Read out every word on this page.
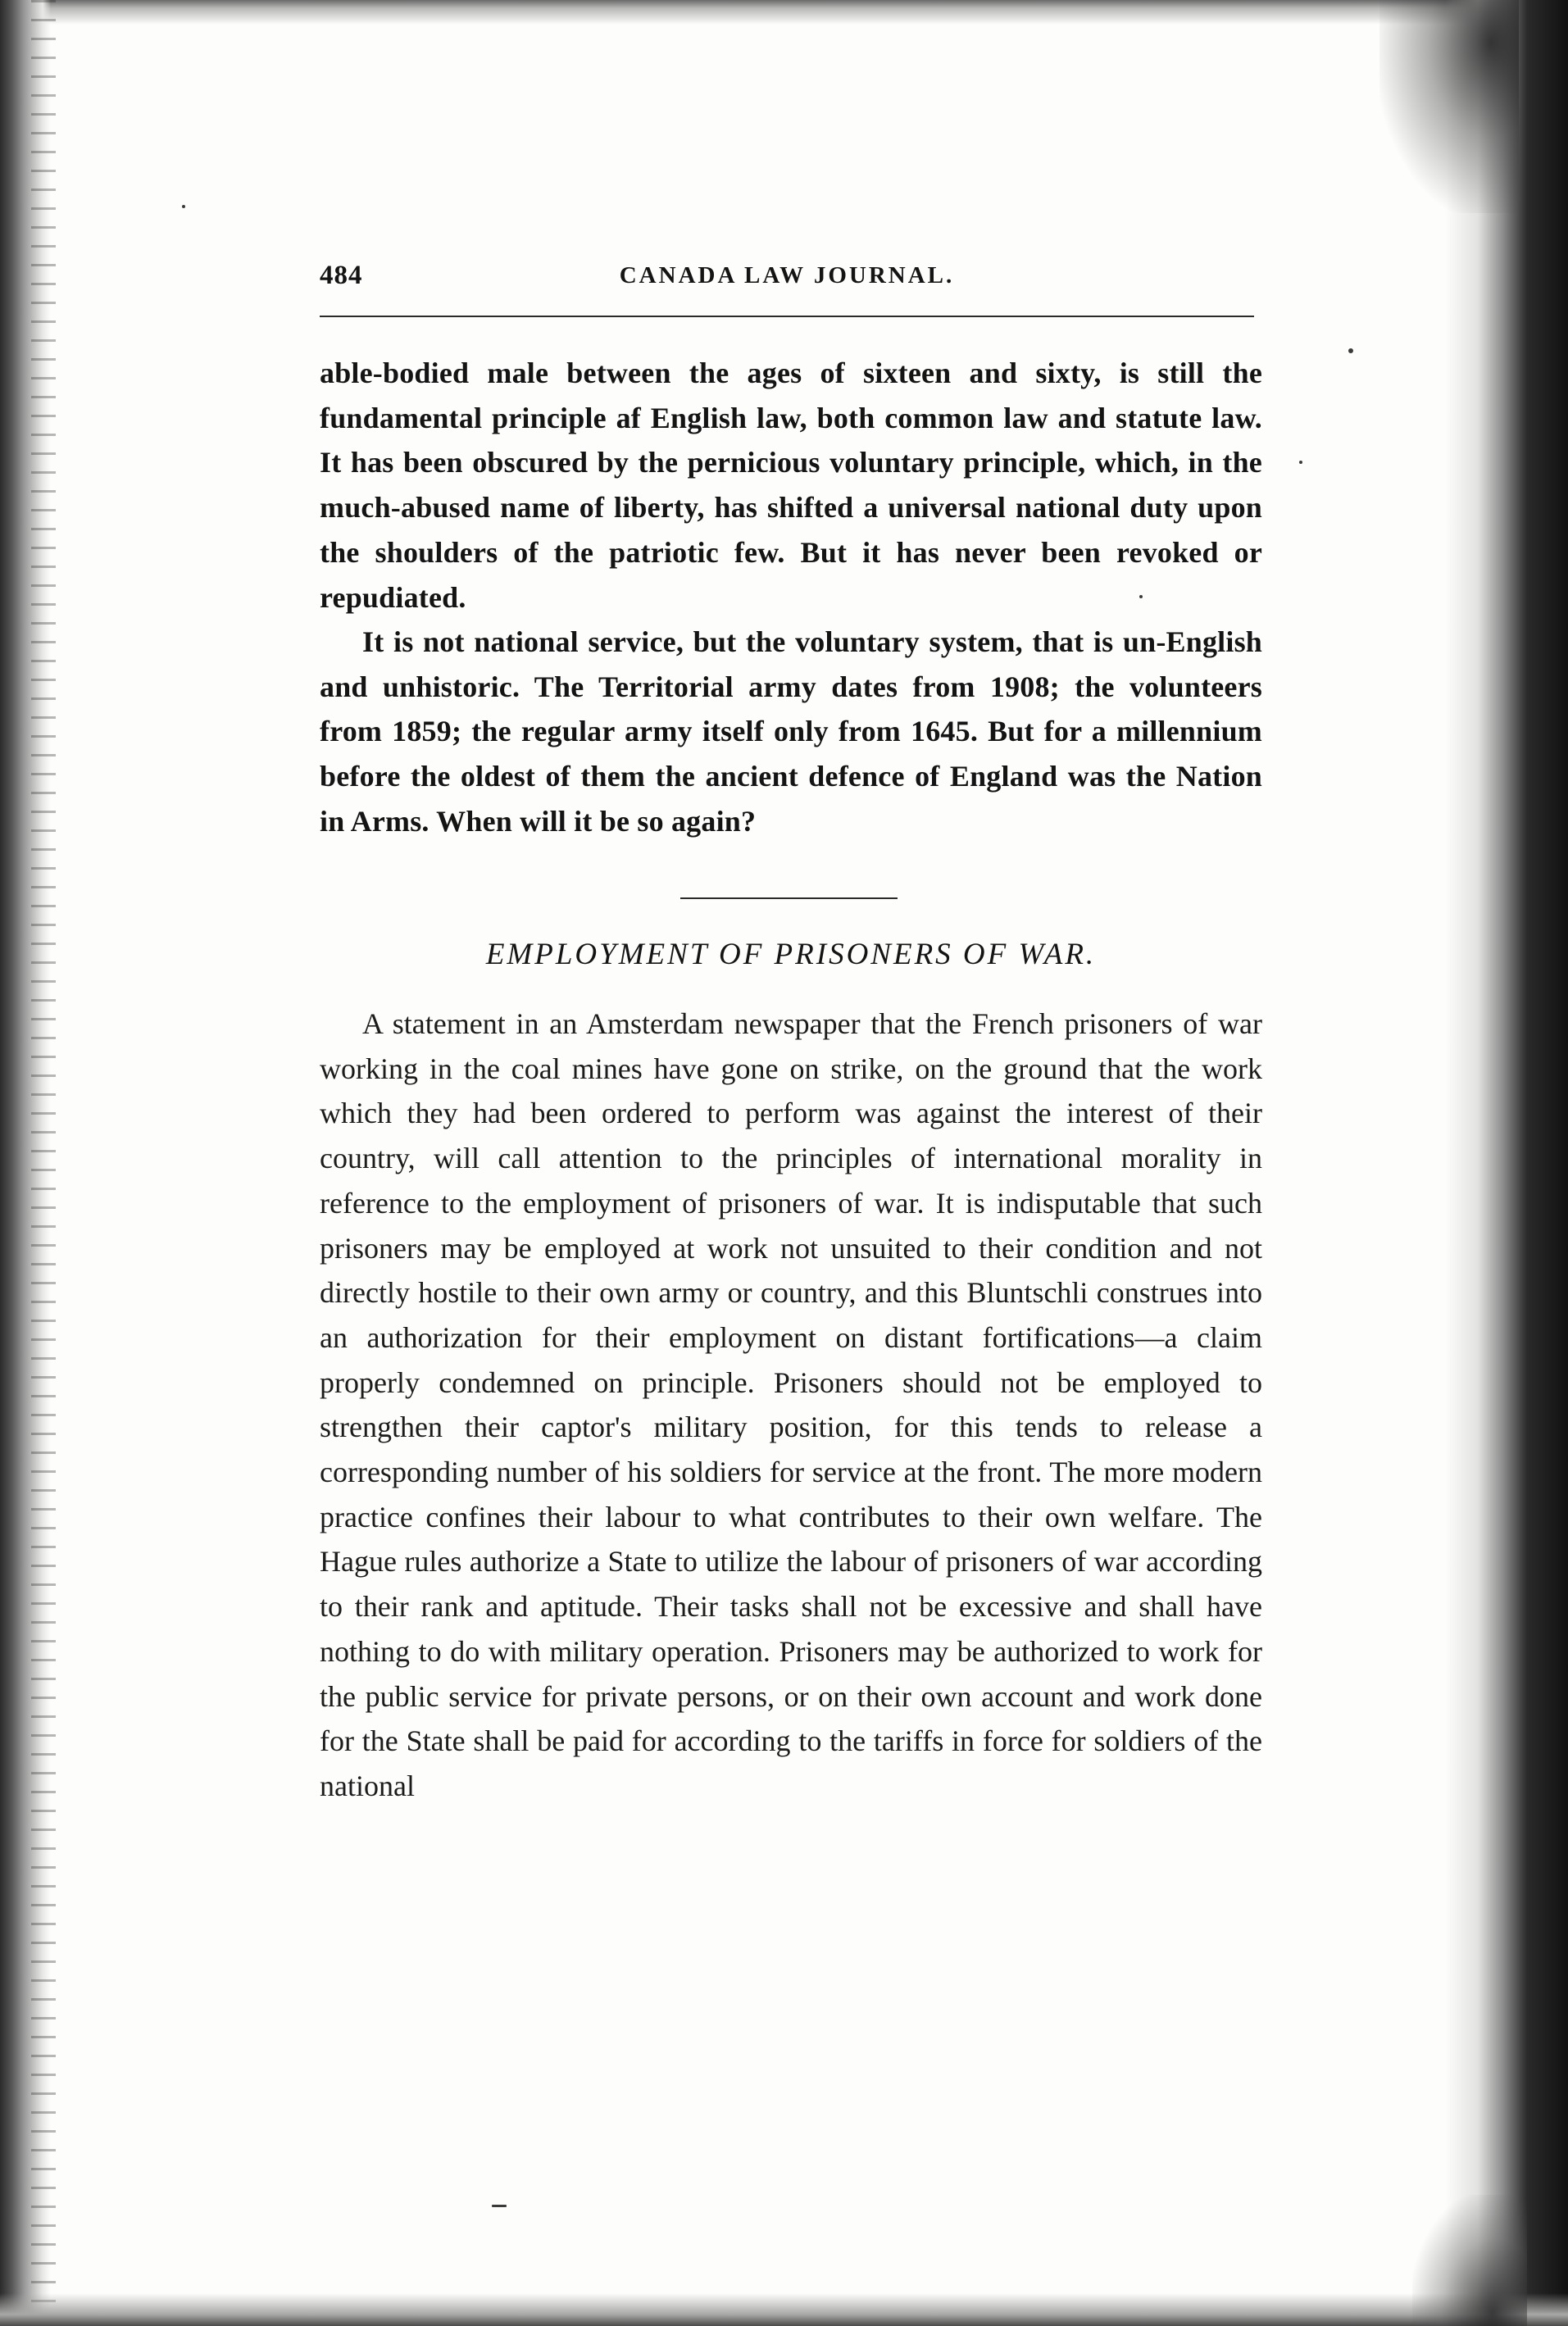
484	CANADA LAW JOURNAL.

able-bodied male between the ages of sixteen and sixty, is still the fundamental principle af English law, both common law and statute law. It has been obscured by the pernicious voluntary principle, which, in the much-abused name of liberty, has shifted a universal national duty upon the shoulders of the patriotic few. But it has never been revoked or repudiated.

It is not national service, but the voluntary system, that is un-English and unhistoric. The Territorial army dates from 1908; the volunteers from 1859; the regular army itself only from 1645. But for a millennium before the oldest of them the ancient defence of England was the Nation in Arms. When will it be so again?

EMPLOYMENT OF PRISONERS OF WAR.

A statement in an Amsterdam newspaper that the French prisoners of war working in the coal mines have gone on strike, on the ground that the work which they had been ordered to perform was against the interest of their country, will call attention to the principles of international morality in reference to the employment of prisoners of war. It is indisputable that such prisoners may be employed at work not unsuited to their condition and not directly hostile to their own army or country, and this Bluntschli construes into an authorization for their employment on distant fortifications—a claim properly condemned on principle. Prisoners should not be employed to strengthen their captor's military position, for this tends to release a corresponding number of his soldiers for service at the front. The more modern practice confines their labour to what contributes to their own welfare. The Hague rules authorize a State to utilize the labour of prisoners of war according to their rank and aptitude. Their tasks shall not be excessive and shall have nothing to do with military operation. Prisoners may be authorized to work for the public service for private persons, or on their own account and work done for the State shall be paid for according to the tariffs in force for soldiers of the national
